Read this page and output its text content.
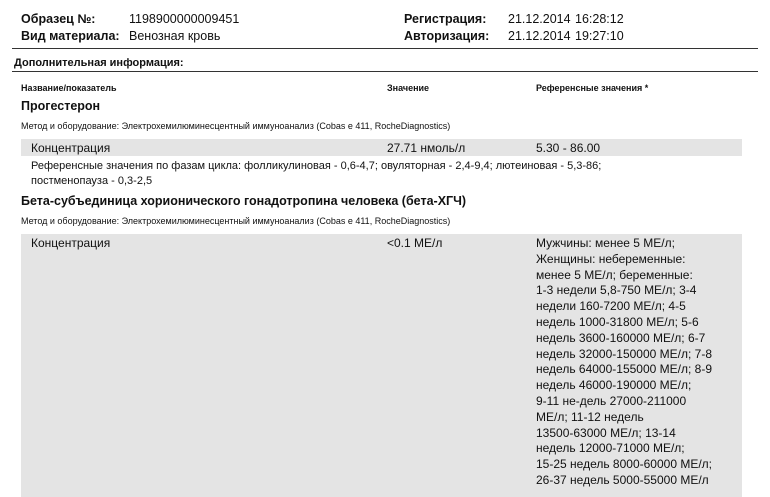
Образец №:	1198900000009451
Вид материала: Венозная кровь
Регистрация: 21.12.2014 16:28:12
Авторизация: 21.12.2014 19:27:10
Дополнительная информация:
Название/показатель	Значение	Референсные значения *
Прогестерон
Метод и оборудование: Электрохемилюминесцентный иммуноанализ (Cobas e 411, RocheDiagnostics)
Концентрация	27.71 нмоль/л	5.30 - 86.00
Референсные значения по фазам цикла: фолликулиновая - 0,6-4,7; овуляторная - 2,4-9,4; лютеиновая - 5,3-86;
постменопауза - 0,3-2,5
Бета-субъединица хорионического гонадотропина человека (бета-ХГЧ)
Метод и оборудование: Электрохемилюминесцентный иммуноанализ (Cobas e 411, RocheDiagnostics)
Концентрация	<0.1 МЕ/л	Мужчины: менее 5 МЕ/л;
Женщины: небеременные:
менее 5 МЕ/л; беременные:
1-3 недели 5,8-750 МЕ/л; 3-4
недели 160-7200 МЕ/л; 4-5
недель 1000-31800 МЕ/л; 5-6
недель 3600-160000 МЕ/л; 6-7
недель 32000-150000 МЕ/л; 7-8
недель 64000-155000 МЕ/л; 8-9
недель 46000-190000 МЕ/л;
9-11 не-дель 27000-211000
МЕ/л; 11-12 недель
13500-63000 МЕ/л; 13-14
недель 12000-71000 МЕ/л;
15-25 недель 8000-60000 МЕ/л;
26-37 недель 5000-55000 МЕ/л
